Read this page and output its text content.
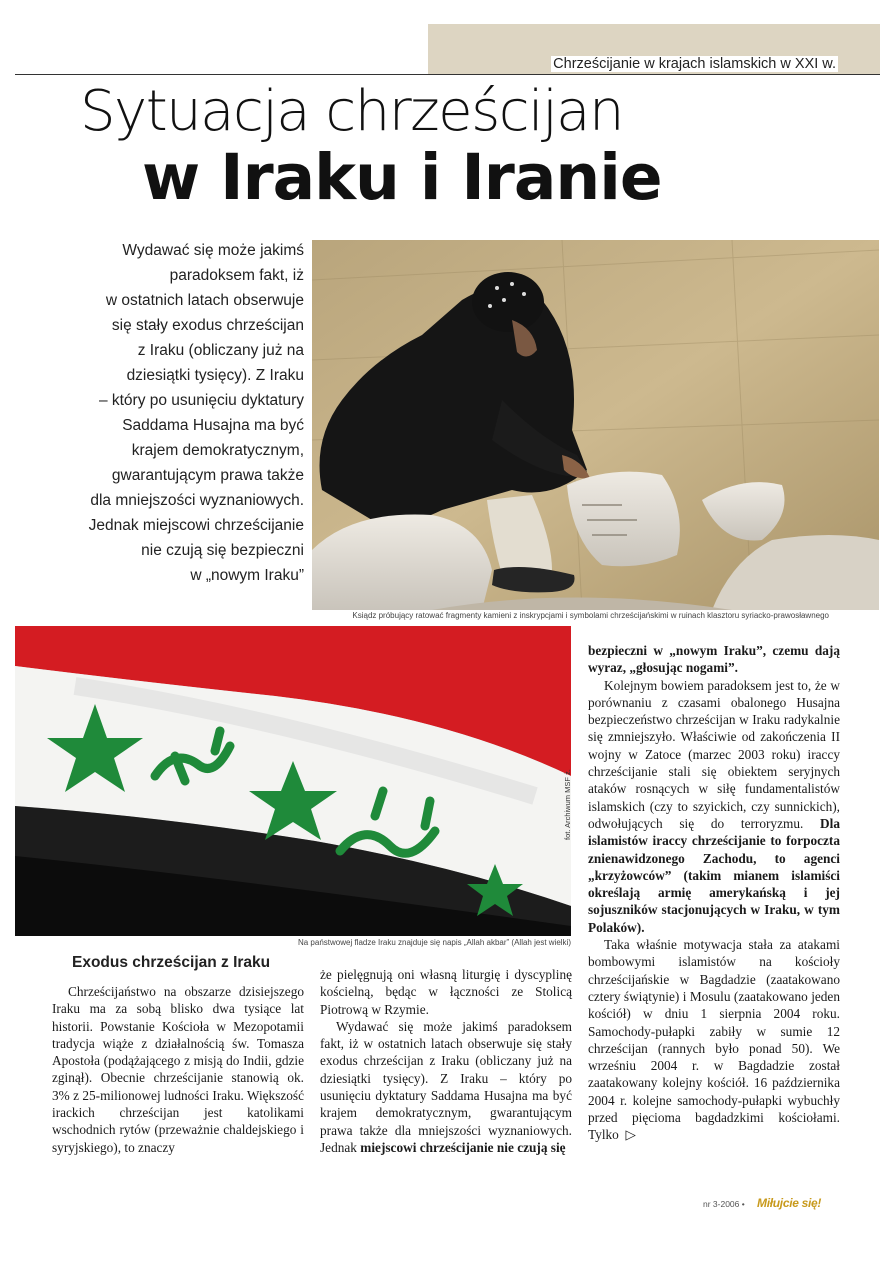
Chrześcijanie w krajach islamskich w XXI w.
Sytuacja chrześcijan
w Iraku i Iranie
Wydawać się może jakimś
paradoksem fakt, iż
w ostatnich latach obserwuje
się stały exodus chrześcijan
z Iraku (obliczany już na
dziesiątki tysięcy). Z Iraku
– który po usunięciu dyktatury
Saddama Husajna ma być
krajem demokratycznym,
gwarantującym prawa także
dla mniejszości wyznaniowych.
Jednak miejscowi chrześcijanie
nie czują się bezpieczni
w „nowym Iraku”
Ksiądz próbujący ratować fragmenty kamieni z inskrypcjami i symbolami chrześcijańskimi w ruinach klasztoru syriacko-prawosławnego
fot. Archiwum MSF ż.
Na państwowej fladze Iraku znajduje się napis „Allah akbar” (Allah jest wielki)
Exodus chrześcijan z Iraku

Chrześcijaństwo na obszarze dzisiejszego Iraku ma za sobą blisko dwa tysiące lat historii. Powstanie Kościoła w Mezopotamii tradycja wiąże z działalnością św. Tomasza Apostoła (podążającego z misją do Indii, gdzie zginął). Obecnie chrześcijanie stanowią ok. 3% z 25-milionowej ludności Iraku. Większość irackich chrześcijan jest katolikami wschodnich rytów (przeważnie chaldejskiego i syryjskiego), to znaczy

że pielęgnują oni własną liturgię i dyscyplinę kościelną, będąc w łączności ze Stolicą Piotrową w Rzymie.

Wydawać się może jakimś paradoksem fakt, iż w ostatnich latach obserwuje się stały exodus chrześcijan z Iraku (obliczany już na dziesiątki tysięcy). Z Iraku – który po usunięciu dyktatury Saddama Husajna ma być krajem demokratycznym, gwarantującym prawa także dla mniejszości wyznaniowych. Jednak miejscowi chrześcijanie nie czują się

bezpieczni w „nowym Iraku”, czemu dają wyraz, „głosując nogami”.

Kolejnym bowiem paradoksem jest to, że w porównaniu z czasami obalonego Husajna bezpieczeństwo chrześcijan w Iraku radykalnie się zmniejszyło. Właściwie od zakończenia II wojny w Zatoce (marzec 2003 roku) iraccy chrześcijanie stali się obiektem seryjnych ataków rosnących w siłę fundamentalistów islamskich (czy to szyickich, czy sunnickich), odwołujących się do terroryzmu. Dla islamistów iraccy chrześcijanie to forpoczta znienawidzonego Zachodu, to agenci „krzyżowców” (takim mianem islamiści określają armię amerykańską i jej sojuszników stacjonujących w Iraku, w tym Polaków).

Taka właśnie motywacja stała za atakami bombowymi islamistów na kościoły chrześcijańskie w Bagdadzie (zaatakowano cztery świątynie) i Mosulu (zaatakowano jeden kościół) w dniu 1 sierpnia 2004 roku. Samochody-pułapki zabiły w sumie 12 chrześcijan (rannych było ponad 50). We wrześniu 2004 r. w Bagdadzie został zaatakowany kolejny kościół. 16 października 2004 r. kolejne samochody-pułapki wybuchły przed pięcioma bagdadzkimi kościołami. Tylko ▷

nr 3-2006 • Miłujcie się!
